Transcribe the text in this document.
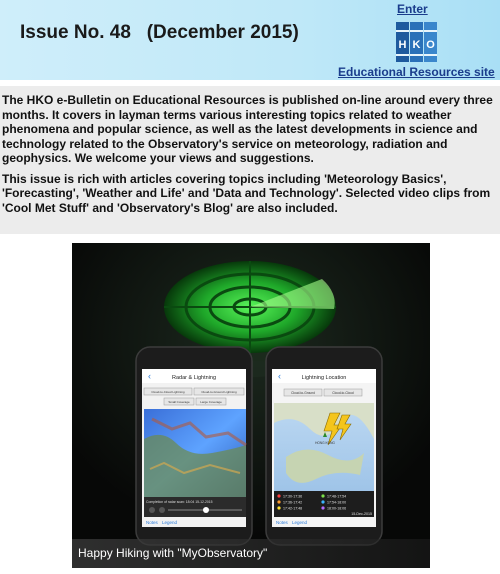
Issue No. 48   (December 2015)
Enter
H K O
Educational Resources site

The HKO e-Bulletin on Educational Resources is published on-line around every three months. It covers in layman terms various interesting topics related to weather phenomena and popular science, as well as the latest developments in science and technology related to the Observatory's service on meteorology, radiation and geophysics. We welcome your views and suggestions.

This issue is rich with articles covering topics including 'Meteorology Basics', 'Forecasting', 'Weather and Life' and 'Data and Technology'. Selected video clips from 'Cool Met Stuff' and 'Observatory's Blog' are also included.

‹	Radar & Lightning
Cloud-to-Cloud Lightning	Cloud-to-Ground Lightning
Small Coverage	Large Coverage
Completion of radar scan: 18:04 15-12-2015
Notes Legend
‹	Lightning Location
Cloud-to-Ground	Cloud-to-Cloud
HONG KONG
17:30-17:36
17:36-17:42
17:42-17:48
17:48-17:54
17:54-18:00
18:00-18:06
15-Dec-2015
Notes Legend
Happy Hiking with "MyObservatory"
